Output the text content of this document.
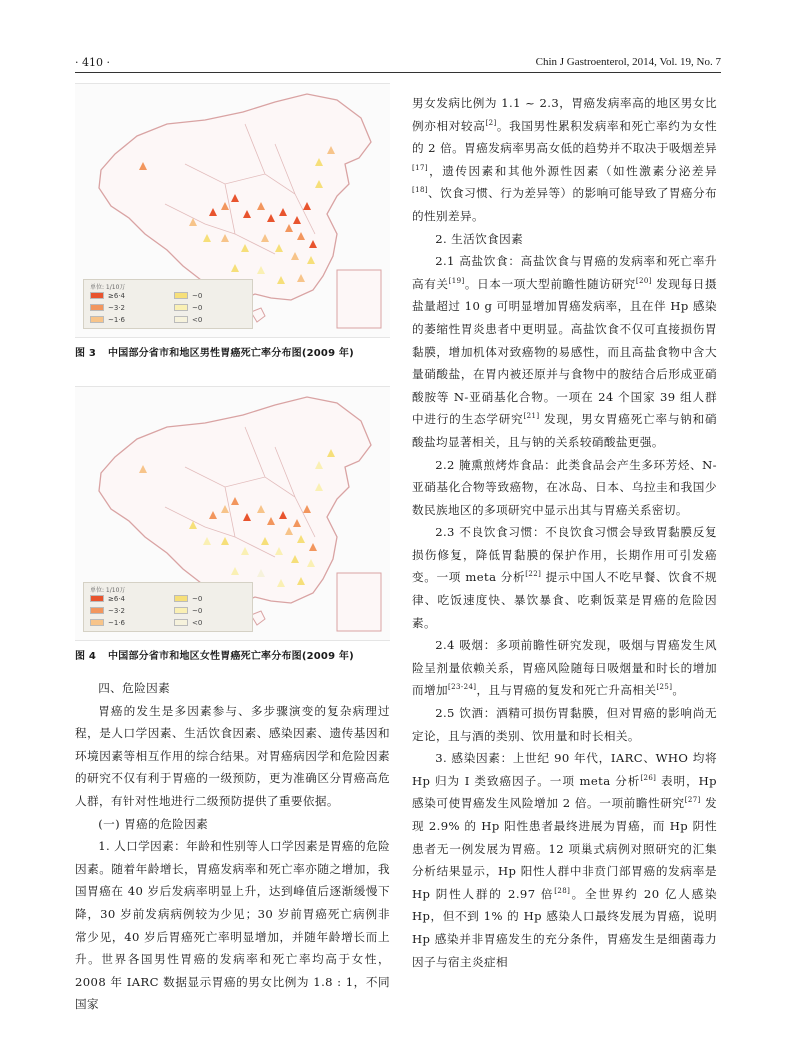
· 410 ·	Chin J Gastroenterol, 2014, Vol. 19, No. 7
单位: 1/10万
≥6·4
~3·2
~1·6
~0
~0
<0
图 3 中国部分省市和地区男性胃癌死亡率分布图(2009 年)
单位: 1/10万
≥6·4
~3·2
~1·6
~0
~0
<0
图 4 中国部分省市和地区女性胃癌死亡率分布图(2009 年)

四、危险因素

胃癌的发生是多因素参与、多步骤演变的复杂病理过程，是人口学因素、生活饮食因素、感染因素、遗传基因和环境因素等相互作用的综合结果。对胃癌病因学和危险因素的研究不仅有利于胃癌的一级预防，更为准确区分胃癌高危人群，有针对性地进行二级预防提供了重要依据。

(一) 胃癌的危险因素

1. 人口学因素：年龄和性别等人口学因素是胃癌的危险因素。随着年龄增长，胃癌发病率和死亡率亦随之增加，我国胃癌在 40 岁后发病率明显上升，达到峰值后逐渐缓慢下降，30 岁前发病病例较为少见；30 岁前胃癌死亡病例非常少见，40 岁后胃癌死亡率明显增加，并随年龄增长而上升。世界各国男性胃癌的发病率和死亡率均高于女性，2008 年 IARC 数据显示胃癌的男女比例为 1.8 : 1，不同国家

男女发病比例为 1.1 ~ 2.3，胃癌发病率高的地区男女比例亦相对较高[2]。我国男性累积发病率和死亡率约为女性的 2 倍。胃癌发病率男高女低的趋势并不取决于吸烟差异[17]，遗传因素和其他外源性因素（如性激素分泌差异[18]、饮食习惯、行为差异等）的影响可能导致了胃癌分布的性别差异。

2. 生活饮食因素

2.1 高盐饮食：高盐饮食与胃癌的发病率和死亡率升高有关[19]。日本一项大型前瞻性随访研究[20] 发现每日摄盐量超过 10 g 可明显增加胃癌发病率，且在伴 Hp 感染的萎缩性胃炎患者中更明显。高盐饮食不仅可直接损伤胃黏膜，增加机体对致癌物的易感性，而且高盐食物中含大量硝酸盐，在胃内被还原并与食物中的胺结合后形成亚硝酸胺等 N-亚硝基化合物。一项在 24 个国家 39 组人群中进行的生态学研究[21] 发现，男女胃癌死亡率与钠和硝酸盐均显著相关，且与钠的关系较硝酸盐更强。

2.2 腌熏煎烤炸食品：此类食品会产生多环芳烃、N-亚硝基化合物等致癌物，在冰岛、日本、乌拉圭和我国少数民族地区的多项研究中显示出其与胃癌关系密切。

2.3 不良饮食习惯：不良饮食习惯会导致胃黏膜反复损伤修复，降低胃黏膜的保护作用，长期作用可引发癌变。一项 meta 分析[22] 提示中国人不吃早餐、饮食不规律、吃饭速度快、暴饮暴食、吃剩饭菜是胃癌的危险因素。

2.4 吸烟：多项前瞻性研究发现，吸烟与胃癌发生风险呈剂量依赖关系，胃癌风险随每日吸烟量和时长的增加而增加[23-24]，且与胃癌的复发和死亡升高相关[25]。

2.5 饮酒：酒精可损伤胃黏膜，但对胃癌的影响尚无定论，且与酒的类别、饮用量和时长相关。

3. 感染因素：上世纪 90 年代，IARC、WHO 均将 Hp 归为 I 类致癌因子。一项 meta 分析[26] 表明，Hp 感染可使胃癌发生风险增加 2 倍。一项前瞻性研究[27] 发现 2.9% 的 Hp 阳性患者最终进展为胃癌，而 Hp 阴性患者无一例发展为胃癌。12 项巢式病例对照研究的汇集分析结果显示，Hp 阳性人群中非贲门部胃癌的发病率是 Hp 阴性人群的 2.97 倍[28]。全世界约 20 亿人感染 Hp，但不到 1% 的 Hp 感染人口最终发展为胃癌，说明 Hp 感染并非胃癌发生的充分条件，胃癌发生是细菌毒力因子与宿主炎症相
